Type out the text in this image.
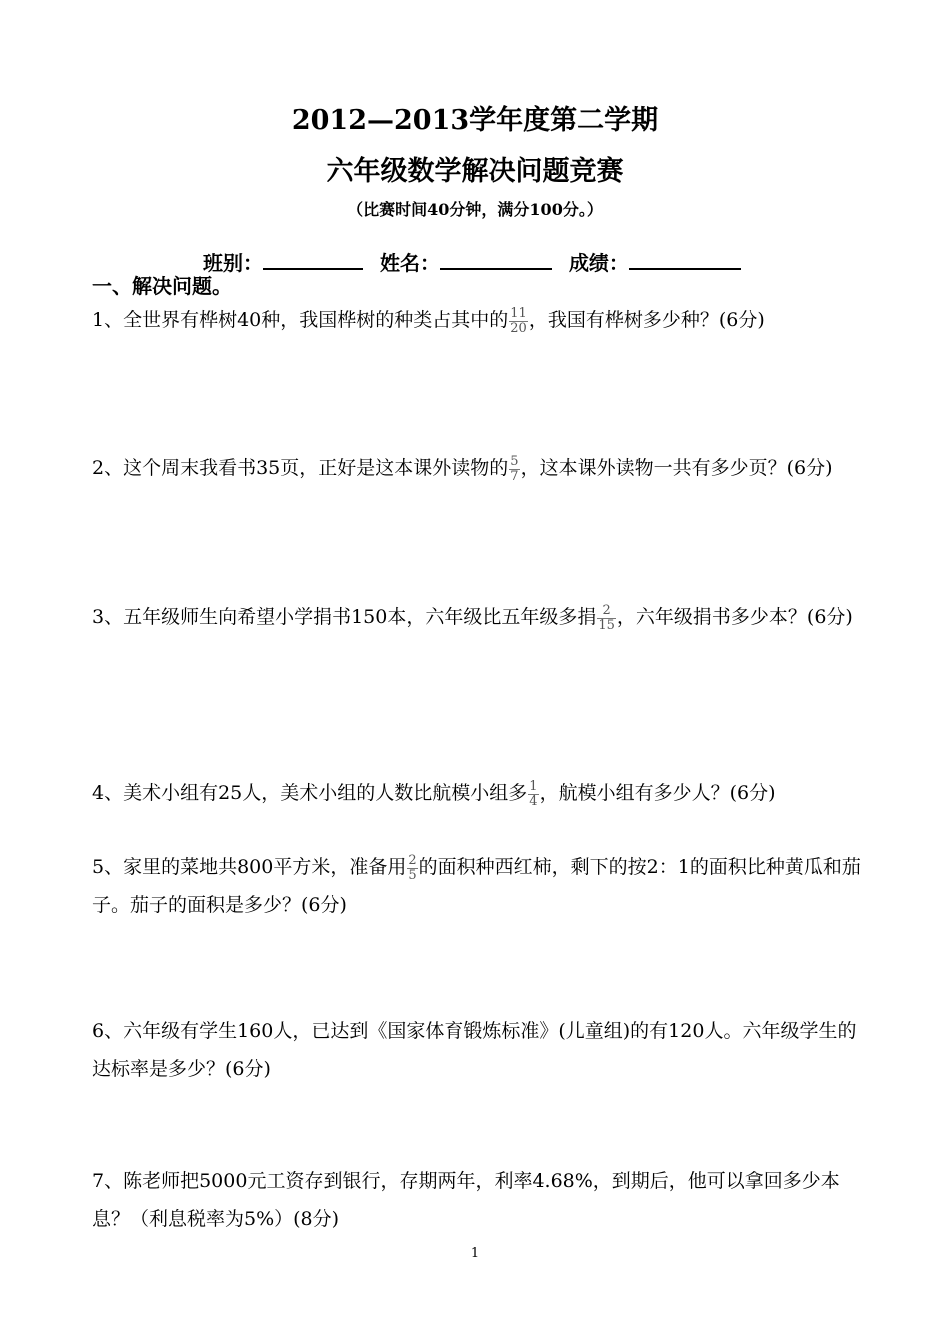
2012—2013学年度第二学期
六年级数学解决问题竞赛
（比赛时间40分钟，满分100分。）
班别：	姓名：	成绩：
一、解决问题。
1、全世界有桦树40种，我国桦树的种类占其中的 $\frac{11}{20}$ ，我国有桦树多少种？(6分)
2、这个周末我看书35页，正好是这本课外读物的 $\frac{5}{7}$ ，这本课外读物一共有多少页？(6分)
3、五年级师生向希望小学捐书150本，六年级比五年级多捐 $\frac{2}{15}$ ，六年级捐书多少本？(6分)
4、美术小组有25人，美术小组的人数比航模小组多 $\frac{1}{4}$ ，航模小组有多少人？(6分)
5、家里的菜地共800平方米，准备用 $\frac{2}{5}$ 的面积种西红柿，剩下的按2：1的面积比种黄瓜和茄子。茄子的面积是多少？(6分)
6、六年级有学生160人，已达到《国家体育锻炼标准》(儿童组)的有120人。六年级学生的达标率是多少？(6分)
7、陈老师把5000元工资存到银行，存期两年，利率4.68%，到期后，他可以拿回多少本息？（利息税率为5%）(8分)
1
